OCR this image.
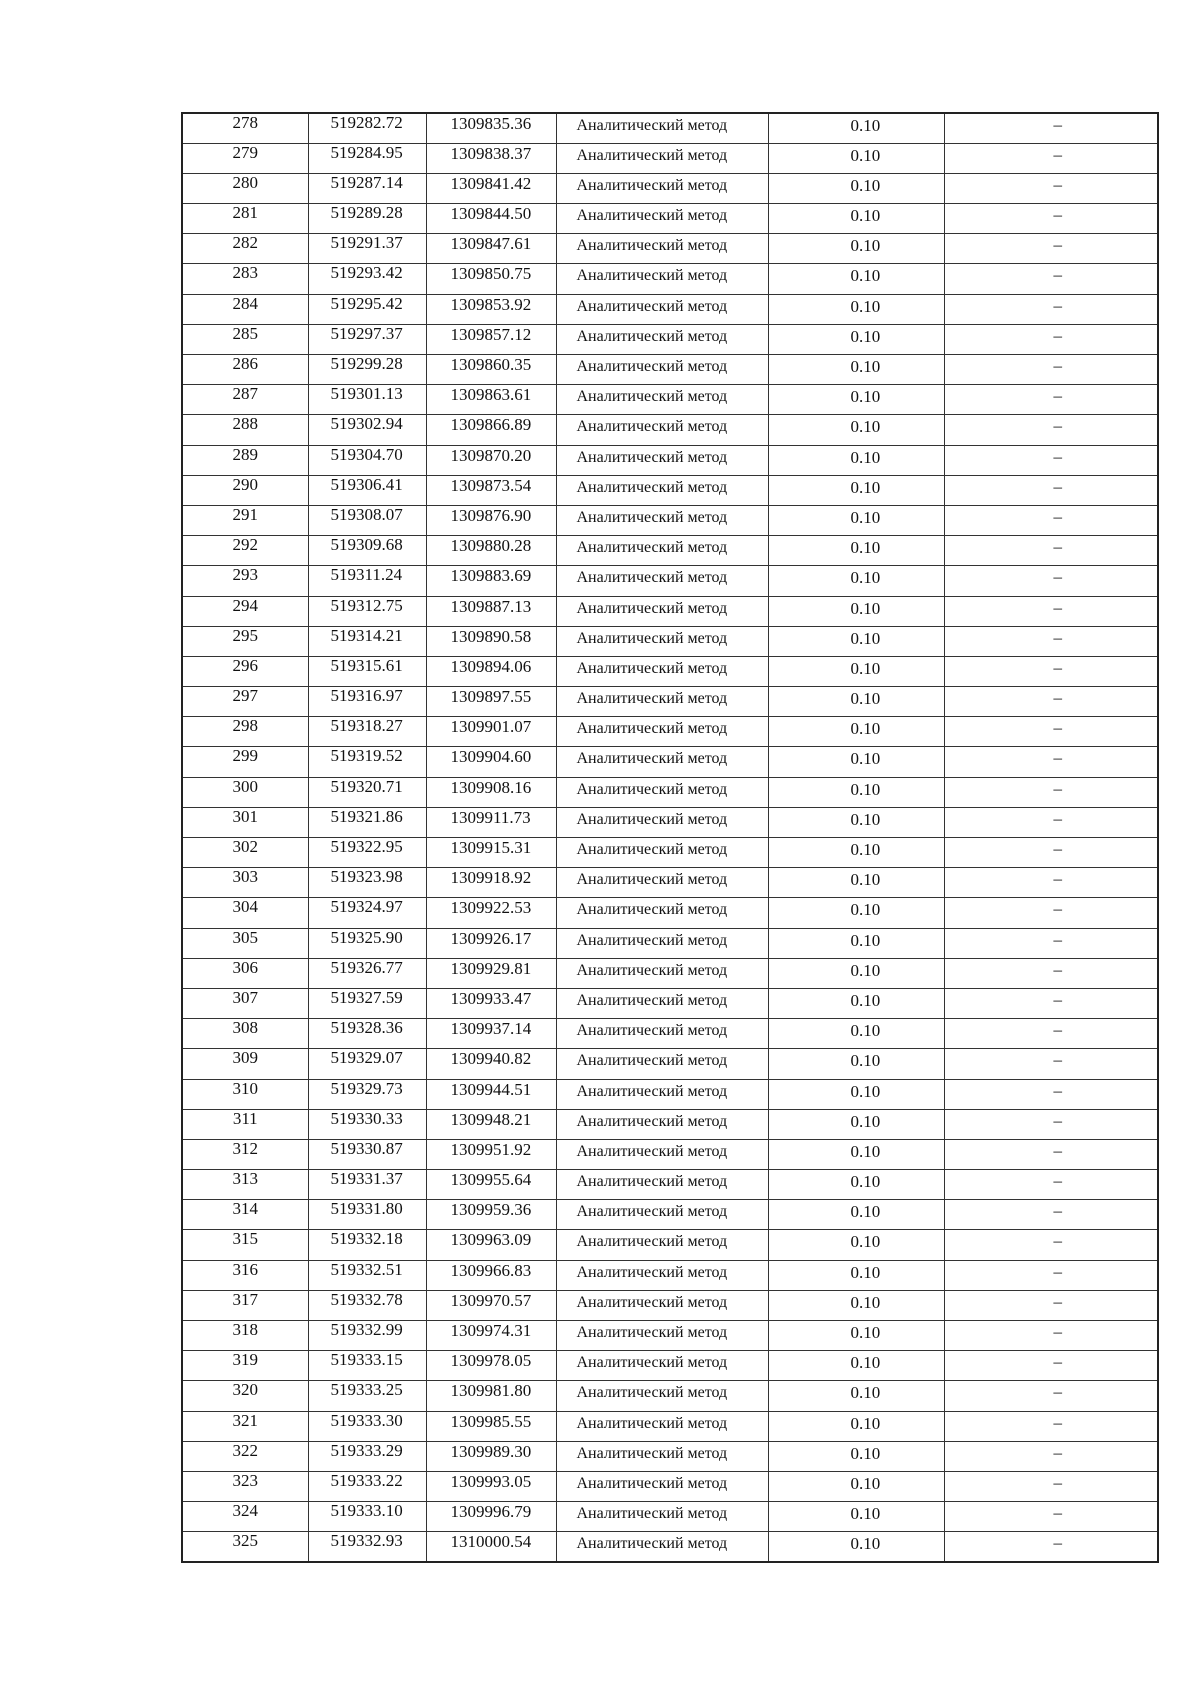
278	519282.72	1309835.36	Аналитический метод	0.10	–
279	519284.95	1309838.37	Аналитический метод	0.10	–
280	519287.14	1309841.42	Аналитический метод	0.10	–
281	519289.28	1309844.50	Аналитический метод	0.10	–
282	519291.37	1309847.61	Аналитический метод	0.10	–
283	519293.42	1309850.75	Аналитический метод	0.10	–
284	519295.42	1309853.92	Аналитический метод	0.10	–
285	519297.37	1309857.12	Аналитический метод	0.10	–
286	519299.28	1309860.35	Аналитический метод	0.10	–
287	519301.13	1309863.61	Аналитический метод	0.10	–
288	519302.94	1309866.89	Аналитический метод	0.10	–
289	519304.70	1309870.20	Аналитический метод	0.10	–
290	519306.41	1309873.54	Аналитический метод	0.10	–
291	519308.07	1309876.90	Аналитический метод	0.10	–
292	519309.68	1309880.28	Аналитический метод	0.10	–
293	519311.24	1309883.69	Аналитический метод	0.10	–
294	519312.75	1309887.13	Аналитический метод	0.10	–
295	519314.21	1309890.58	Аналитический метод	0.10	–
296	519315.61	1309894.06	Аналитический метод	0.10	–
297	519316.97	1309897.55	Аналитический метод	0.10	–
298	519318.27	1309901.07	Аналитический метод	0.10	–
299	519319.52	1309904.60	Аналитический метод	0.10	–
300	519320.71	1309908.16	Аналитический метод	0.10	–
301	519321.86	1309911.73	Аналитический метод	0.10	–
302	519322.95	1309915.31	Аналитический метод	0.10	–
303	519323.98	1309918.92	Аналитический метод	0.10	–
304	519324.97	1309922.53	Аналитический метод	0.10	–
305	519325.90	1309926.17	Аналитический метод	0.10	–
306	519326.77	1309929.81	Аналитический метод	0.10	–
307	519327.59	1309933.47	Аналитический метод	0.10	–
308	519328.36	1309937.14	Аналитический метод	0.10	–
309	519329.07	1309940.82	Аналитический метод	0.10	–
310	519329.73	1309944.51	Аналитический метод	0.10	–
311	519330.33	1309948.21	Аналитический метод	0.10	–
312	519330.87	1309951.92	Аналитический метод	0.10	–
313	519331.37	1309955.64	Аналитический метод	0.10	–
314	519331.80	1309959.36	Аналитический метод	0.10	–
315	519332.18	1309963.09	Аналитический метод	0.10	–
316	519332.51	1309966.83	Аналитический метод	0.10	–
317	519332.78	1309970.57	Аналитический метод	0.10	–
318	519332.99	1309974.31	Аналитический метод	0.10	–
319	519333.15	1309978.05	Аналитический метод	0.10	–
320	519333.25	1309981.80	Аналитический метод	0.10	–
321	519333.30	1309985.55	Аналитический метод	0.10	–
322	519333.29	1309989.30	Аналитический метод	0.10	–
323	519333.22	1309993.05	Аналитический метод	0.10	–
324	519333.10	1309996.79	Аналитический метод	0.10	–
325	519332.93	1310000.54	Аналитический метод	0.10	–
